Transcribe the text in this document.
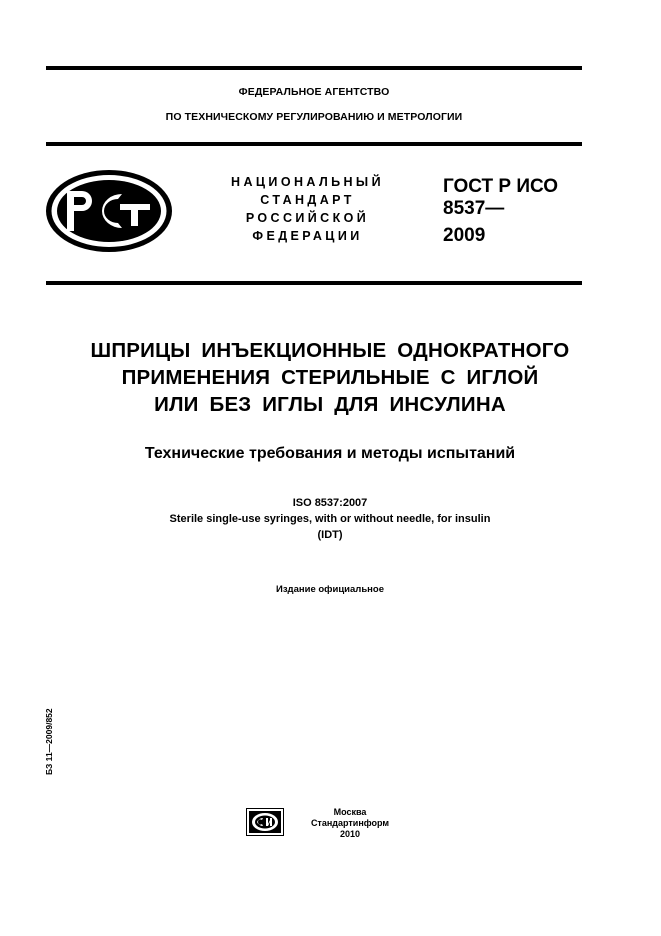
ФЕДЕРАЛЬНОЕ АГЕНТСТВО
ПО ТЕХНИЧЕСКОМУ РЕГУЛИРОВАНИЮ И МЕТРОЛОГИИ
НАЦИОНАЛЬНЫЙ
СТАНДАРТ
РОССИЙСКОЙ
ФЕДЕРАЦИИ
ГОСТ Р ИСО
8537—
2009
ШПРИЦЫ ИНЪЕКЦИОННЫЕ ОДНОКРАТНОГО
ПРИМЕНЕНИЯ СТЕРИЛЬНЫЕ С ИГЛОЙ
ИЛИ БЕЗ ИГЛЫ ДЛЯ ИНСУЛИНА
Технические требования и методы испытаний
ISO 8537:2007
Sterile single-use syringes, with or without needle, for insulin
(IDT)
Издание официальное
БЗ 11—2009/852
Москва
Стандартинформ
2010
